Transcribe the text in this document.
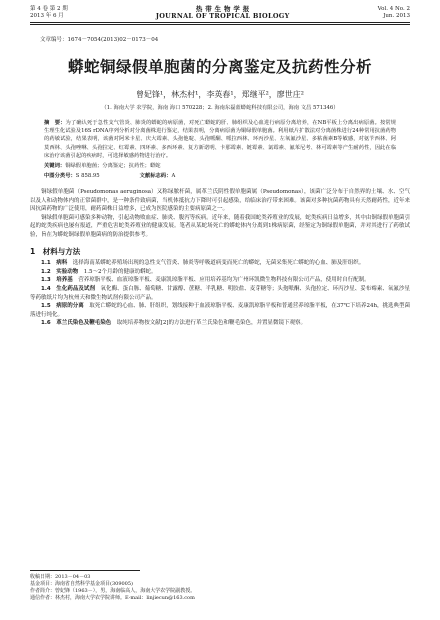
第 4 卷 第 2 期
2013 年 6 月
热 带 生 物 学 报
JOURNAL OF TROPICAL BIOLOGY
Vol. 4 No. 2
Jun. 2013
文章编号：1674－7054(2013)02－0173－04
蟒蛇铜绿假单胞菌的分离鉴定及抗药性分析
曾妃锋¹，林杰村¹，李英春¹，郑继平²，廖世庄²
（1. 海南大学 农学院，海南 海口 570228；2. 海南东磊蓝蟒蛇科技有限公司，海南 文昌 571346）
摘　要：为了确认死于急性支气管炎、肺炎的蟒蛇的病原菌，对死亡蟒蛇的肝、肺组织及心血进行病原分离培养，在NB平板上分离出病原菌。按常规生理生化试验及16S rDNA序列分析对分离菌株进行鉴定，结果表明，分离病原菌为铜绿假单胞菌。利用纸片扩散法对分离菌株进行24种常用抗菌药物的药敏试验，结果表明，该菌对阿米卡星、庆大霉素、头孢他啶、头孢哌酮、哌拉西林、环丙沙星、左氧氟沙星、多粘菌素B等敏感，对氨苄西林、阿莫西林、头孢唑啉、头孢拉定、红霉素、四环素、多西环素、复方新诺明、卡那霉素、链霉素、氯霉素、氟苯尼考、林可霉素等产生耐药性，因此在临床治疗该菌引起的疾病时，可选择敏感药物进行治疗。
关键词：铜绿假单胞菌；分离鉴定；抗药性；蟒蛇
中图分类号：S 858.95	文献标志码：A

铜绿假单胞菌（Pseudomonas aeruginosa）又称绿脓杆菌，属革兰氏阴性假单胞菌属（Pseudomonas），该菌广泛分布于自然界的土壤、水、空气以及人和动物体内的正常菌群中，是一种条件致病菌，当机体抵抗力下降时可引起感染，给临床治疗带来困难。该菌对多种抗菌药物具有天然耐药性，近年来因抗菌药物的广泛使用，耐药菌株日益增多，已成为医院感染的主要病原菌之一。

铜绿假单胞菌可感染多种动物，引起动物败血症、肺炎、腹泻等疾病。近年来，随着我国蛇类养殖业的发展，蛇类疾病日益增多，其中由铜绿假单胞菌引起的蛇类疾病也屡有报道，严重危害蛇类养殖业的健康发展。笔者从某蛇场死亡的蟒蛇体内分离到1株病原菌，经鉴定为铜绿假单胞菌，并对其进行了药敏试验，旨在为蟒蛇铜绿假单胞菌病的防治提供参考。

1　材料与方法

1.1　病料　 选择海南某蟒蛇养殖场出现的急性支气管炎、肺炎等呼吸道病变而死亡的蟒蛇，无菌采集死亡蟒蛇的心血、肺及肝组织。

1.2　实验动物　 1.5～2个月龄的健康幼蟒蛇。

1.3　培养基　 营养琼脂平板、血液琼脂平板、麦康凯琼脂平板、应用培养基均为广州环凯微生物科技有限公司产品，使用时自行配制。

1.4　生化药品及试剂　 氧化酶、蛋白胨、葡萄糖、甘露醇、蔗糖、半乳糖、明胶盐、麦芽糖等；头孢哌酮、头孢拉定、环丙沙星、妥布霉素、氧氟沙星等药敏纸片均为杭州天和微生物试剂有限公司产品。

1.5　病原的分离　 取死亡蟒蛇的心血、肺、肝组织，划线接种于血液琼脂平板、麦康凯琼脂平板和普通营养琼脂平板，在37℃下培养24h，挑选典型菌落进行纯化。

1.6　革兰氏染色及鞭毛染色　 取纯培养物按文献[2]的方法进行革兰氏染色和鞭毛染色，并置显微镜下观察。

收稿日期：2013－04－03
基金项目：海南省自然科学基金项目(309005)
作者简介：曾妃锋（1963－），男，海南临高人，海南大学农学院副教授。
通信作者：林杰村，海南大学农学院讲师。E-mail：linjiecun@163.com
